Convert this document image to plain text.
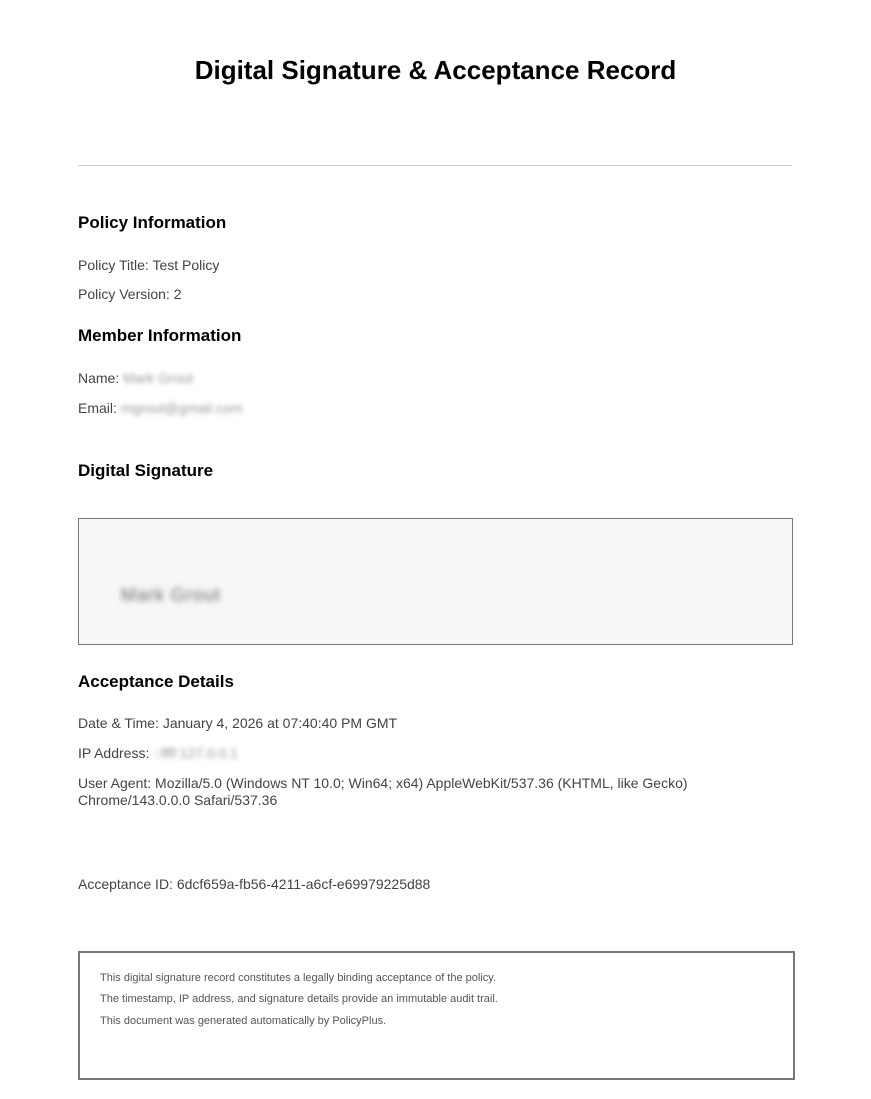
Digital Signature & Acceptance Record
Policy Information
Policy Title: Test Policy
Policy Version: 2
Member Information
Name: Mark Grout
Email: mgrout@gmail.com
Digital Signature
Mark Grout
Acceptance Details
Date & Time: January 4, 2026 at 07:40:40 PM GMT
IP Address: ::ffff:127.0.0.1
User Agent: Mozilla/5.0 (Windows NT 10.0; Win64; x64) AppleWebKit/537.36 (KHTML, like Gecko)
Chrome/143.0.0.0 Safari/537.36
Acceptance ID: 6dcf659a-fb56-4211-a6cf-e69979225d88
This digital signature record constitutes a legally binding acceptance of the policy.
The timestamp, IP address, and signature details provide an immutable audit trail.
This document was generated automatically by PolicyPlus.
